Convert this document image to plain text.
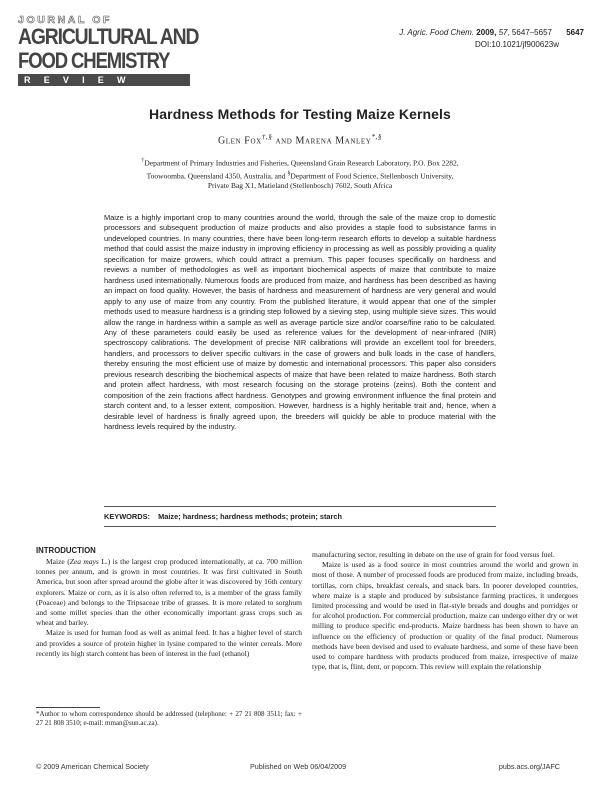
JOURNAL OF
AGRICULTURAL AND
FOOD CHEMISTRY
REVIEW
J. Agric. Food Chem. 2009, 57, 5647–5657 5647
DOI:10.1021/jf900623w
Hardness Methods for Testing Maize Kernels
Glen Fox†,§ and Marena Manley*,§
†Department of Primary Industries and Fisheries, Queensland Grain Research Laboratory, P.O. Box 2282,
Toowoomba, Queensland 4350, Australia, and §Department of Food Science, Stellenbosch University,
Private Bag X1, Matieland (Stellenbosch) 7602, South Africa

Maize is a highly important crop to many countries around the world, through the sale of the maize crop to domestic processors and subsequent production of maize products and also provides a staple food to subsistance farms in undeveloped countries. In many countries, there have been long-term research efforts to develop a suitable hardness method that could assist the maize industry in improving efficiency in processing as well as possibly providing a quality specification for maize growers, which could attract a premium. This paper focuses specifically on hardness and reviews a number of methodologies as well as important biochemical aspects of maize that contribute to maize hardness used internationally. Numerous foods are produced from maize, and hardness has been described as having an impact on food quality. However, the basis of hardness and measurement of hardness are very general and would apply to any use of maize from any country. From the published literature, it would appear that one of the simpler methods used to measure hardness is a grinding step followed by a sieving step, using multiple sieve sizes. This would allow the range in hardness within a sample as well as average particle size and/or coarse/fine ratio to be calculated. Any of these parameters could easily be used as reference values for the development of near-infrared (NIR) spectroscopy calibrations. The development of precise NIR calibrations will provide an excellent tool for breeders, handlers, and processors to deliver specific cultivars in the case of growers and bulk loads in the case of handlers, thereby ensuring the most efficient use of maize by domestic and international processors. This paper also considers previous research describing the biochemical aspects of maize that have been related to maize hardness. Both starch and protein affect hardness, with most research focusing on the storage proteins (zeins). Both the content and composition of the zein fractions affect hardness. Genotypes and growing environment influence the final protein and starch content and, to a lesser extent, composition. However, hardness is a highly heritable trait and, hence, when a desirable level of hardness is finally agreed upon, the breeders will quickly be able to produce material with the hardness levels required by the industry.

KEYWORDS: Maize; hardness; hardness methods; protein; starch
INTRODUCTION

Maize (Zea mays L.) is the largest crop produced internationally, at ca. 700 million tonnes per annum, and is grown in most countries. It was first cultivated in South America, but soon after spread around the globe after it was discovered by 16th century explorers. Maize or corn, as it is also often referred to, is a member of the grass family (Poaceae) and belongs to the Tripsaceae tribe of grasses. It is more related to sorghum and some millet species than the other economically important grass crops such as wheat and barley.

Maize is used for human food as well as animal feed. It has a higher level of starch and provides a source of protein higher in lysine compared to the winter cereals. More recently its high starch content has been of interest in the fuel (ethanol)

*Author to whom correspondence should be addressed (telephone: + 27 21 808 3511; fax: + 27 21 808 3510; e-mail: mman@sun.ac.za).

manufacturing sector, resulting in debate on the use of grain for food versus fuel.

Maize is used as a food source in most countries around the world and grown in most of those. A number of processed foods are produced from maize, including breads, tortillas, corn chips, breakfast cereals, and snack bars. In poorer developed countries, where maize is a staple and produced by subsistance farming practices, it undergoes limited processing and would be used in flat-style breads and doughs and porridges or for alcohol production. For commercial production, maize can undergo either dry or wet milling to produce specific end-products. Maize hardness has been shown to have an influence on the efficiency of production or quality of the final product. Numerous methods have been devised and used to evaluate hardness, and some of these have been used to compare hardness with products produced from maize, irrespective of maize type, that is, flint, dent, or popcorn. This review will explain the relationship

© 2009 American Chemical Society	Published on Web 06/04/2009	pubs.acs.org/JAFC
